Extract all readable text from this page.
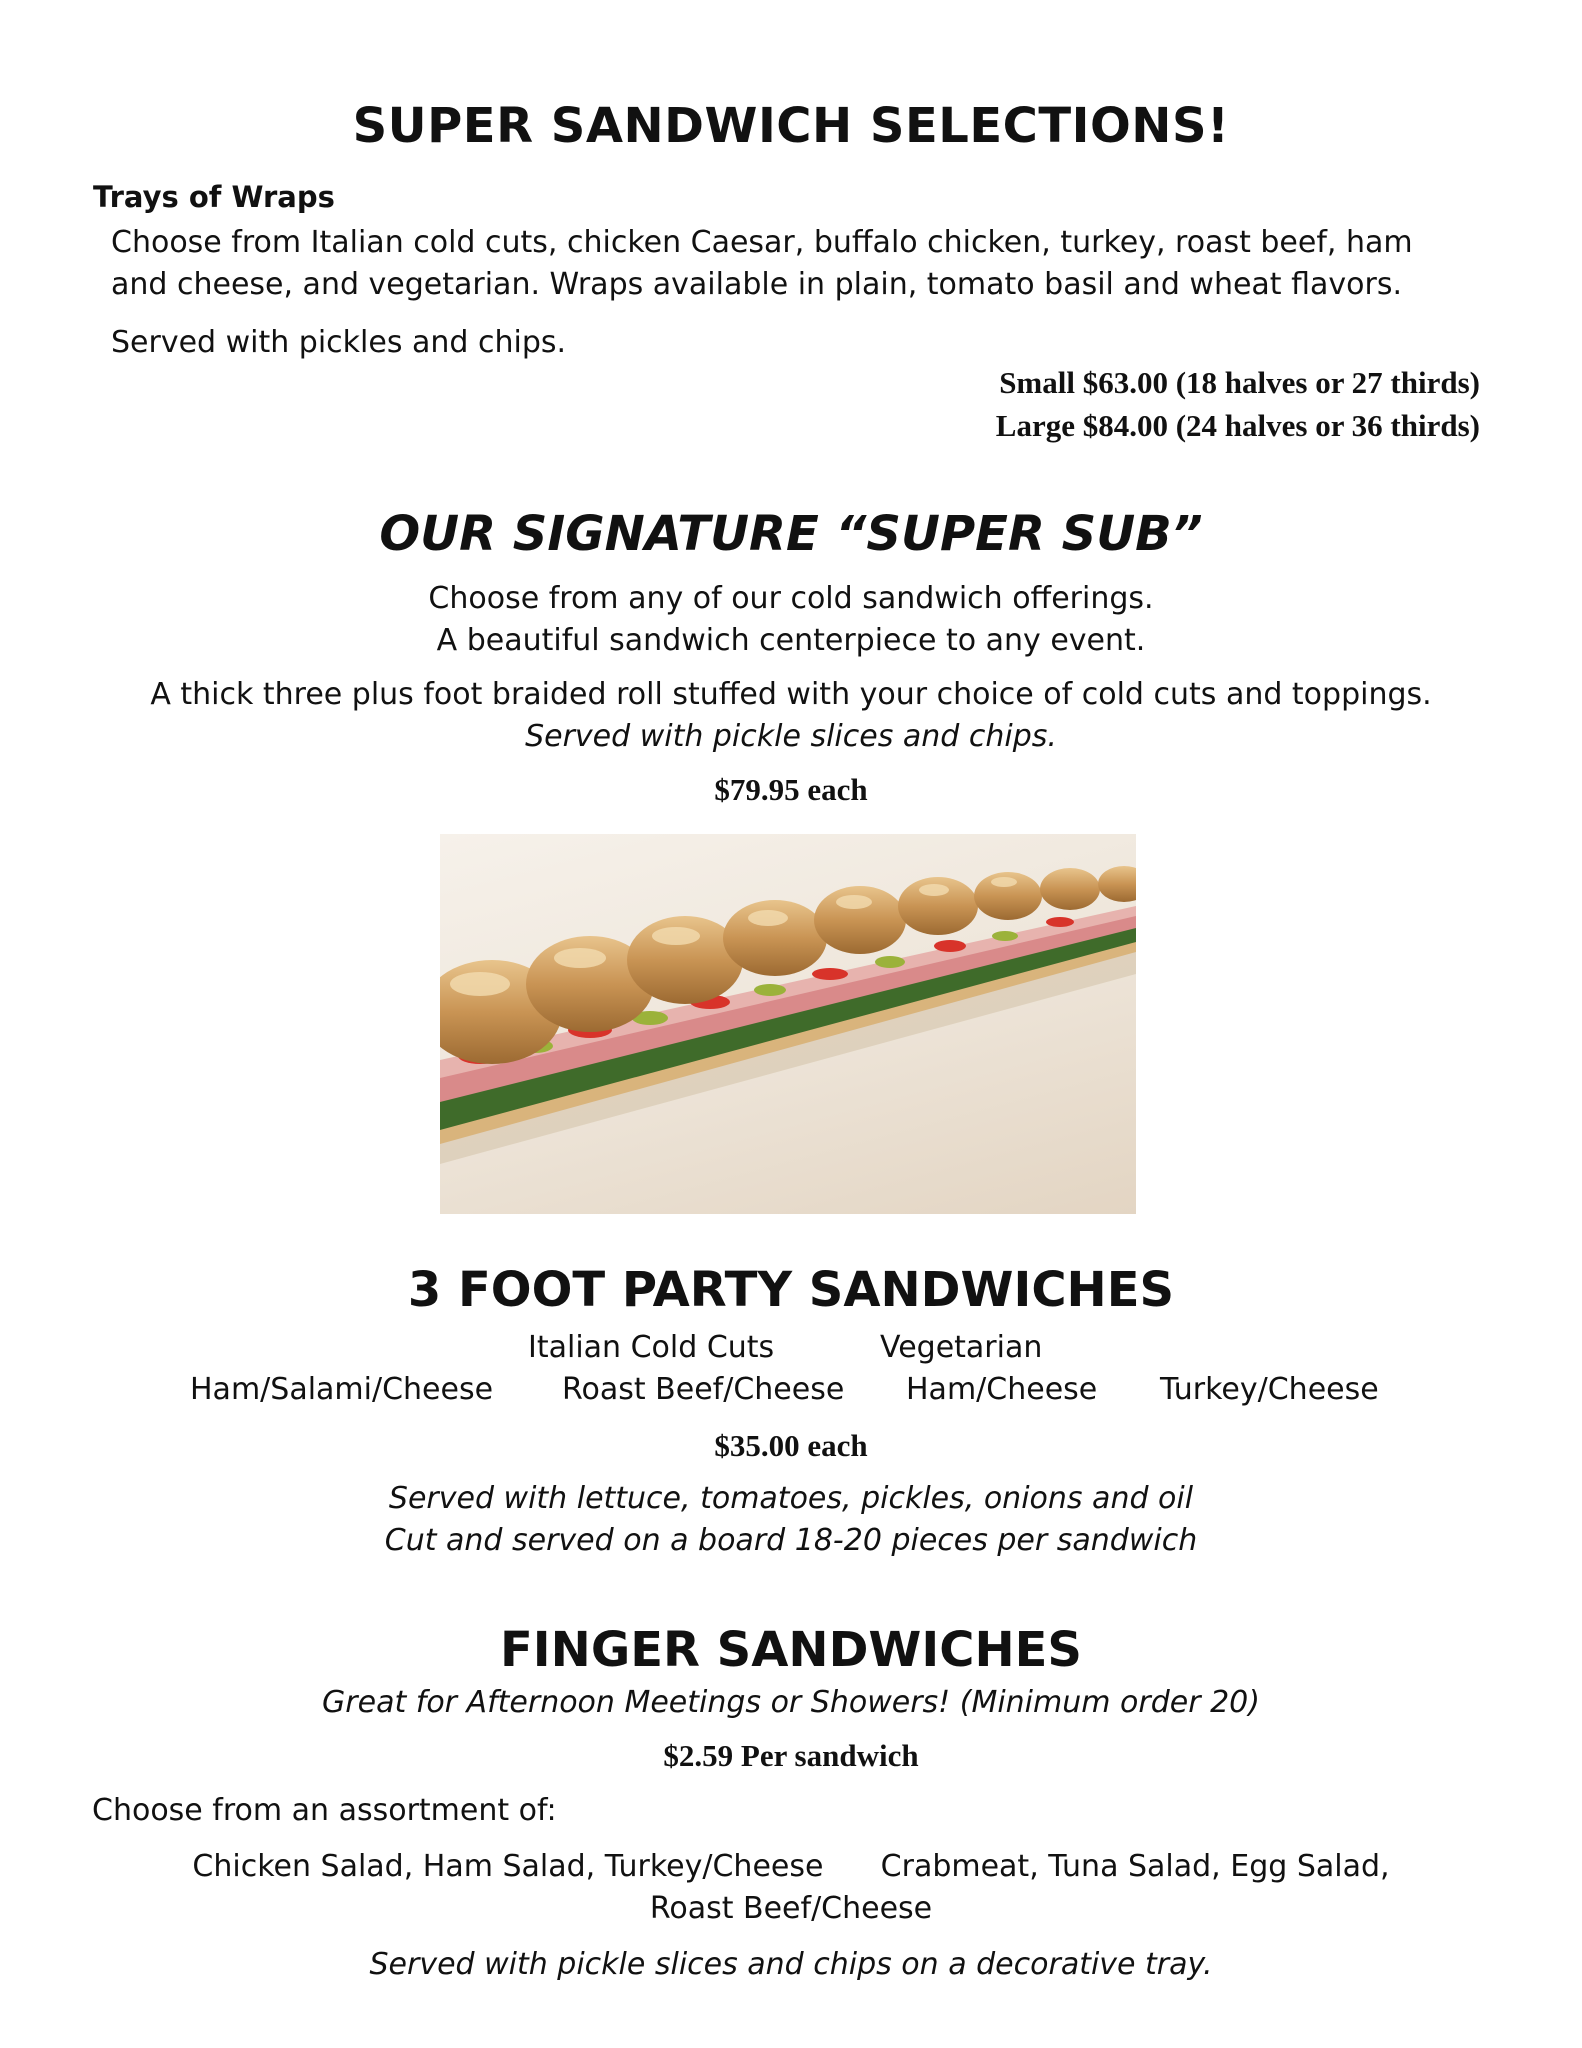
SUPER SANDWICH SELECTIONS!
Trays of Wraps
Choose from Italian cold cuts, chicken Caesar, buffalo chicken, turkey, roast beef, ham
and cheese, and vegetarian. Wraps available in plain, tomato basil and wheat flavors.
Served with pickles and chips.
Small $63.00 (18 halves or 27 thirds)
Large $84.00 (24 halves or 36 thirds)
OUR SIGNATURE “SUPER SUB”
Choose from any of our cold sandwich offerings.
A beautiful sandwich centerpiece to any event.
A thick three plus foot braided roll stuffed with your choice of cold cuts and toppings.
Served with pickle slices and chips.
$79.95 each
3 FOOT PARTY SANDWICHES
Italian Cold Cuts	Vegetarian
Ham/Salami/Cheese Roast Beef/Cheese Ham/Cheese Turkey/Cheese
$35.00 each
Served with lettuce, tomatoes, pickles, onions and oil
Cut and served on a board 18-20 pieces per sandwich
FINGER SANDWICHES
Great for Afternoon Meetings or Showers! (Minimum order 20)
$2.59 Per sandwich
Choose from an assortment of:
Chicken Salad, Ham Salad, Turkey/Cheese      Crabmeat, Tuna Salad, Egg Salad,
Roast Beef/Cheese
Served with pickle slices and chips on a decorative tray.
